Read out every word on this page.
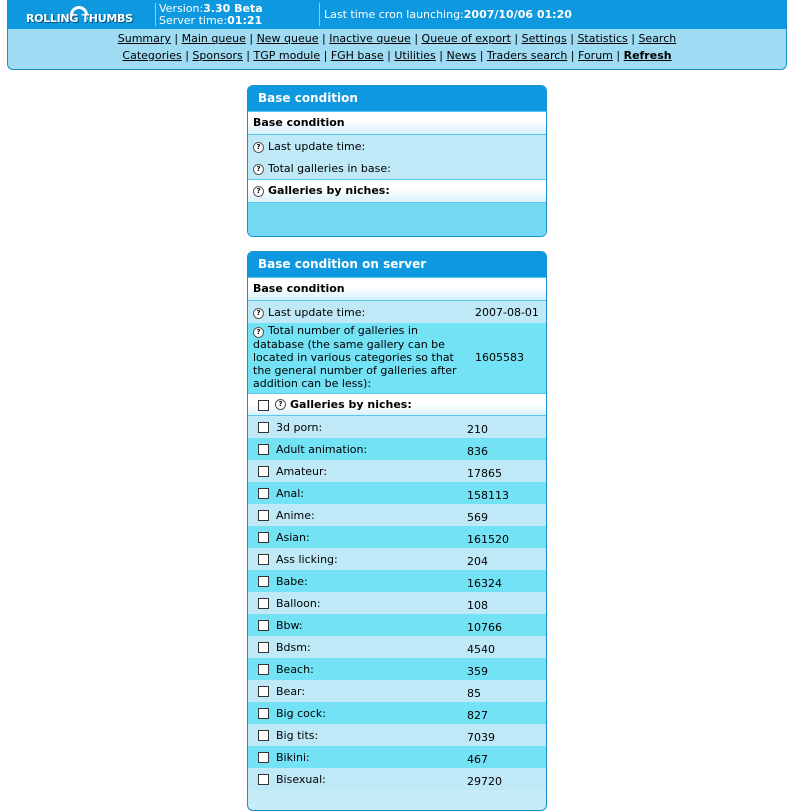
ROLLING THUMBS
Version:3.30 Beta
Server time:01:21	Last time cron launching:2007/10/06 01:20
Summary | Main queue | New queue | Inactive queue | Queue of export | Settings | Statistics | Search
Categories | Sponsors | TGP module | FGH base | Utilities | News | Traders search | Forum | Refresh
Base condition
Base condition
? Last update time:
? Total galleries in base:
? Galleries by niches:
Base condition on server
Base condition
? Last update time:	2007-08-01
? Total number of galleries in database (the same gallery can be located in various categories so that the general number of galleries after addition can be less):
1605583
? Galleries by niches:
3d porn:	210
Adult animation:	836
Amateur:	17865
Anal:	158113
Anime:	569
Asian:	161520
Ass licking:	204
Babe:	16324
Balloon:	108
Bbw:	10766
Bdsm:	4540
Beach:	359
Bear:	85
Big cock:	827
Big tits:	7039
Bikini:	467
Bisexual:	29720
